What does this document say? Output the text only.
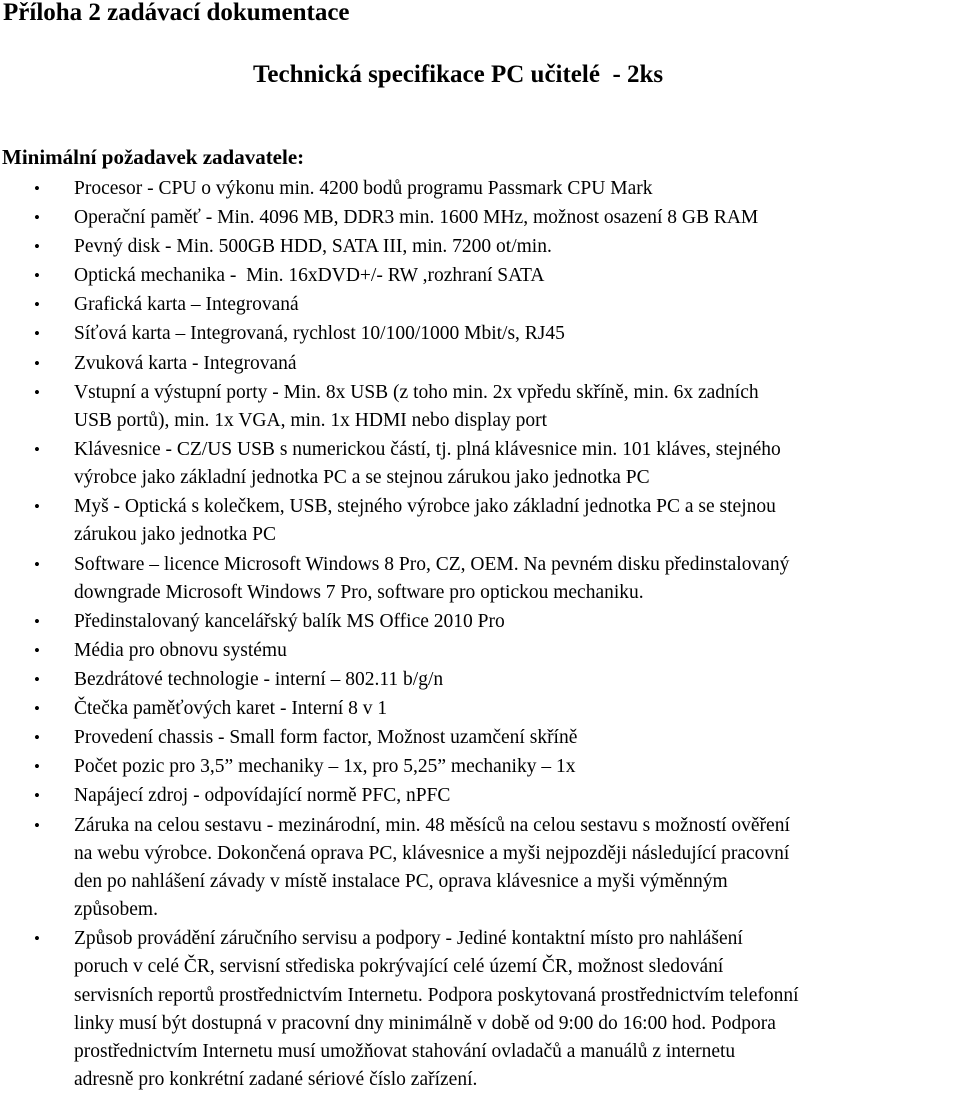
Příloha 2 zadávací dokumentace
Technická specifikace PC učitelé  - 2ks
Minimální požadavek zadavatele:
• Procesor - CPU o výkonu min. 4200 bodů programu Passmark CPU Mark
• Operační paměť - Min. 4096 MB, DDR3 min. 1600 MHz, možnost osazení 8 GB RAM
• Pevný disk - Min. 500GB HDD, SATA III, min. 7200 ot/min.
• Optická mechanika -  Min. 16xDVD+/- RW ,rozhraní SATA
• Grafická karta – Integrovaná
• Síťová karta – Integrovaná, rychlost 10/100/1000 Mbit/s, RJ45
• Zvuková karta - Integrovaná
• Vstupní a výstupní porty - Min. 8x USB (z toho min. 2x vpředu skříně, min. 6x zadních
USB portů), min. 1x VGA, min. 1x HDMI nebo display port
• Klávesnice - CZ/US USB s numerickou částí, tj. plná klávesnice min. 101 kláves, stejného
výrobce jako základní jednotka PC a se stejnou zárukou jako jednotka PC
• Myš - Optická s kolečkem, USB, stejného výrobce jako základní jednotka PC a se stejnou
zárukou jako jednotka PC
• Software – licence Microsoft Windows 8 Pro, CZ, OEM. Na pevném disku předinstalovaný
downgrade Microsoft Windows 7 Pro, software pro optickou mechaniku.
• Předinstalovaný kancelářský balík MS Office 2010 Pro
• Média pro obnovu systému
• Bezdrátové technologie - interní – 802.11 b/g/n
• Čtečka paměťových karet - Interní 8 v 1
• Provedení chassis - Small form factor, Možnost uzamčení skříně
• Počet pozic pro 3,5” mechaniky – 1x, pro 5,25” mechaniky – 1x
• Napájecí zdroj - odpovídající normě PFC, nPFC
• Záruka na celou sestavu - mezinárodní, min. 48 měsíců na celou sestavu s možností ověření
na webu výrobce. Dokončená oprava PC, klávesnice a myši nejpozději následující pracovní
den po nahlášení závady v místě instalace PC, oprava klávesnice a myši výměnným
způsobem.
• Způsob provádění záručního servisu a podpory - Jediné kontaktní místo pro nahlášení
poruch v celé ČR, servisní střediska pokrývající celé území ČR, možnost sledování
servisních reportů prostřednictvím Internetu. Podpora poskytovaná prostřednictvím telefonní
linky musí být dostupná v pracovní dny minimálně v době od 9:00 do 16:00 hod. Podpora
prostřednictvím Internetu musí umožňovat stahování ovladačů a manuálů z internetu
adresně pro konkrétní zadané sériové číslo zařízení.
